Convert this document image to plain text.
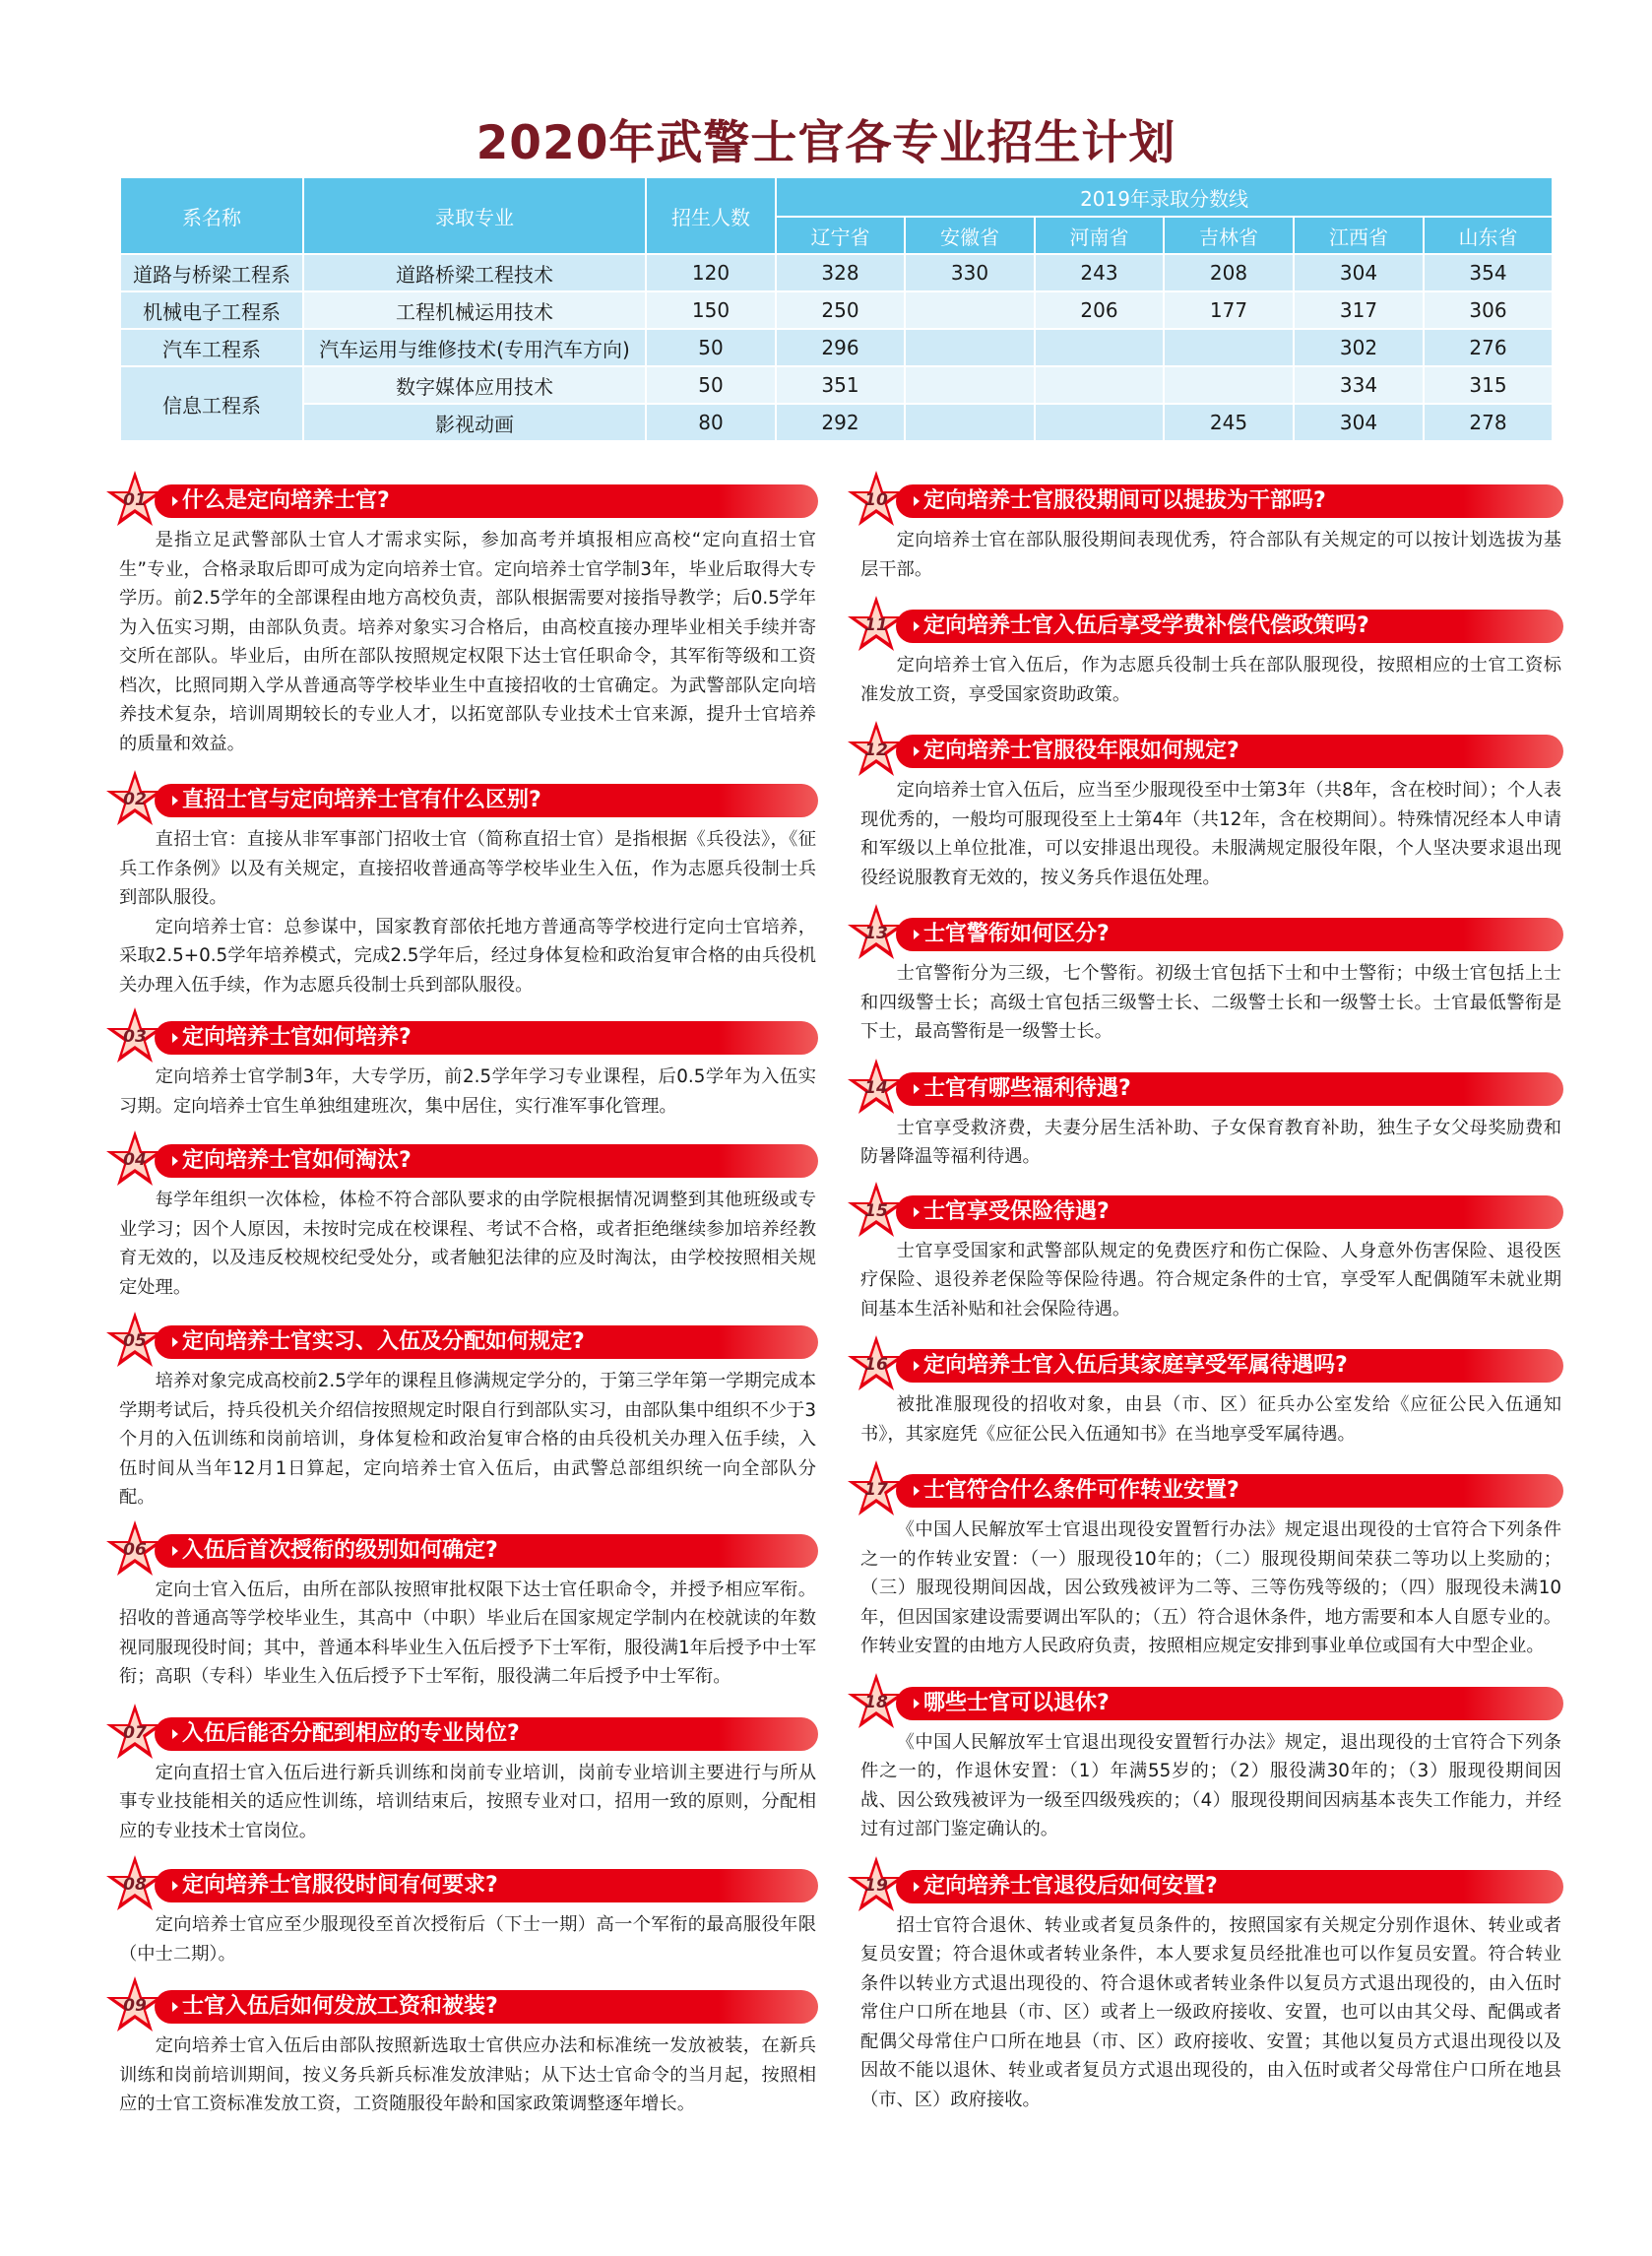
2020年武警士官各专业招生计划
系名称	录取专业	招生人数	2019年录取分数线					
			辽宁省	安徽省	河南省	吉林省	江西省	山东省
道路与桥梁工程系	道路桥梁工程技术	120	328	330	243	208	304	354
机械电子工程系	工程机械运用技术	150	250		206	177	317	306
汽车工程系	汽车运用与维修技术(专用汽车方向)	50	296				302	276
信息工程系	数字媒体应用技术	50	351				334	315
	影视动画	80	292			245	304	278
01	什么是定向培养士官?

是指立足武警部队士官人才需求实际，参加高考并填报相应高校“定向直招士官生”专业，合格录取后即可成为定向培养士官。定向培养士官学制3年，毕业后取得大专学历。前2.5学年的全部课程由地方高校负责，部队根据需要对接指导教学；后0.5学年为入伍实习期，由部队负责。培养对象实习合格后，由高校直接办理毕业相关手续并寄交所在部队。毕业后，由所在部队按照规定权限下达士官任职命令，其军衔等级和工资档次，比照同期入学从普通高等学校毕业生中直接招收的士官确定。为武警部队定向培养技术复杂，培训周期较长的专业人才，以拓宽部队专业技术士官来源，提升士官培养的质量和效益。

02	直招士官与定向培养士官有什么区别?

直招士官：直接从非军事部门招收士官（简称直招士官）是指根据《兵役法》，《征兵工作条例》以及有关规定，直接招收普通高等学校毕业生入伍，作为志愿兵役制士兵到部队服役。

定向培养士官：总参谋中，国家教育部依托地方普通高等学校进行定向士官培养，采取2.5+0.5学年培养模式，完成2.5学年后，经过身体复检和政治复审合格的由兵役机关办理入伍手续，作为志愿兵役制士兵到部队服役。

03	定向培养士官如何培养?

定向培养士官学制3年，大专学历，前2.5学年学习专业课程，后0.5学年为入伍实习期。定向培养士官生单独组建班次，集中居住，实行准军事化管理。

04	定向培养士官如何淘汰?

每学年组织一次体检，体检不符合部队要求的由学院根据情况调整到其他班级或专业学习；因个人原因，未按时完成在校课程、考试不合格，或者拒绝继续参加培养经教育无效的，以及违反校规校纪受处分，或者触犯法律的应及时淘汰，由学校按照相关规定处理。

05	定向培养士官实习、入伍及分配如何规定?

培养对象完成高校前2.5学年的课程且修满规定学分的，于第三学年第一学期完成本学期考试后，持兵役机关介绍信按照规定时限自行到部队实习，由部队集中组织不少于3个月的入伍训练和岗前培训，身体复检和政治复审合格的由兵役机关办理入伍手续，入伍时间从当年12月1日算起，定向培养士官入伍后，由武警总部组织统一向全部队分配。

06	入伍后首次授衔的级别如何确定?

定向士官入伍后，由所在部队按照审批权限下达士官任职命令，并授予相应军衔。招收的普通高等学校毕业生，其高中（中职）毕业后在国家规定学制内在校就读的年数视同服现役时间；其中，普通本科毕业生入伍后授予下士军衔，服役满1年后授予中士军衔；高职（专科）毕业生入伍后授予下士军衔，服役满二年后授予中士军衔。

07	入伍后能否分配到相应的专业岗位?

定向直招士官入伍后进行新兵训练和岗前专业培训，岗前专业培训主要进行与所从事专业技能相关的适应性训练，培训结束后，按照专业对口，招用一致的原则，分配相应的专业技术士官岗位。

08	定向培养士官服役时间有何要求?

定向培养士官应至少服现役至首次授衔后（下士一期）高一个军衔的最高服役年限（中士二期）。

09	士官入伍后如何发放工资和被装?

定向培养士官入伍后由部队按照新选取士官供应办法和标准统一发放被装，在新兵训练和岗前培训期间，按义务兵新兵标准发放津贴；从下达士官命令的当月起，按照相应的士官工资标准发放工资，工资随服役年龄和国家政策调整逐年增长。

10	定向培养士官服役期间可以提拔为干部吗?

定向培养士官在部队服役期间表现优秀，符合部队有关规定的可以按计划选拔为基层干部。

11	定向培养士官入伍后享受学费补偿代偿政策吗?

定向培养士官入伍后，作为志愿兵役制士兵在部队服现役，按照相应的士官工资标准发放工资，享受国家资助政策。

12	定向培养士官服役年限如何规定?

定向培养士官入伍后，应当至少服现役至中士第3年（共8年，含在校时间）；个人表现优秀的，一般均可服现役至上士第4年（共12年，含在校期间）。特殊情况经本人申请和军级以上单位批准，可以安排退出现役。未服满规定服役年限，个人坚决要求退出现役经说服教育无效的，按义务兵作退伍处理。

13	士官警衔如何区分?

士官警衔分为三级，七个警衔。初级士官包括下士和中士警衔；中级士官包括上士和四级警士长；高级士官包括三级警士长、二级警士长和一级警士长。士官最低警衔是下士，最高警衔是一级警士长。

14	士官有哪些福利待遇?

士官享受救济费，夫妻分居生活补助、子女保育教育补助，独生子女父母奖励费和防暑降温等福利待遇。

15	士官享受保险待遇?

士官享受国家和武警部队规定的免费医疗和伤亡保险、人身意外伤害保险、退役医疗保险、退役养老保险等保险待遇。符合规定条件的士官，享受军人配偶随军未就业期间基本生活补贴和社会保险待遇。

16	定向培养士官入伍后其家庭享受军属待遇吗?

被批准服现役的招收对象，由县（市、区）征兵办公室发给《应征公民入伍通知书》，其家庭凭《应征公民入伍通知书》在当地享受军属待遇。

17	士官符合什么条件可作转业安置?

《中国人民解放军士官退出现役安置暂行办法》规定退出现役的士官符合下列条件之一的作转业安置：（一）服现役10年的；（二）服现役期间荣获二等功以上奖励的；（三）服现役期间因战，因公致残被评为二等、三等伤残等级的；（四）服现役未满10年，但因国家建设需要调出军队的；（五）符合退休条件，地方需要和本人自愿专业的。作转业安置的由地方人民政府负责，按照相应规定安排到事业单位或国有大中型企业。

18	哪些士官可以退休?

《中国人民解放军士官退出现役安置暂行办法》规定，退出现役的士官符合下列条件之一的，作退休安置：（1）年满55岁的；（2）服役满30年的；（3）服现役期间因战、因公致残被评为一级至四级残疾的；（4）服现役期间因病基本丧失工作能力，并经过有过部门鉴定确认的。

19	定向培养士官退役后如何安置?

招士官符合退休、转业或者复员条件的，按照国家有关规定分别作退休、转业或者复员安置；符合退休或者转业条件，本人要求复员经批准也可以作复员安置。符合转业条件以转业方式退出现役的、符合退休或者转业条件以复员方式退出现役的，由入伍时常住户口所在地县（市、区）或者上一级政府接收、安置，也可以由其父母、配偶或者配偶父母常住户口所在地县（市、区）政府接收、安置；其他以复员方式退出现役以及因故不能以退休、转业或者复员方式退出现役的，由入伍时或者父母常住户口所在地县（市、区）政府接收。
